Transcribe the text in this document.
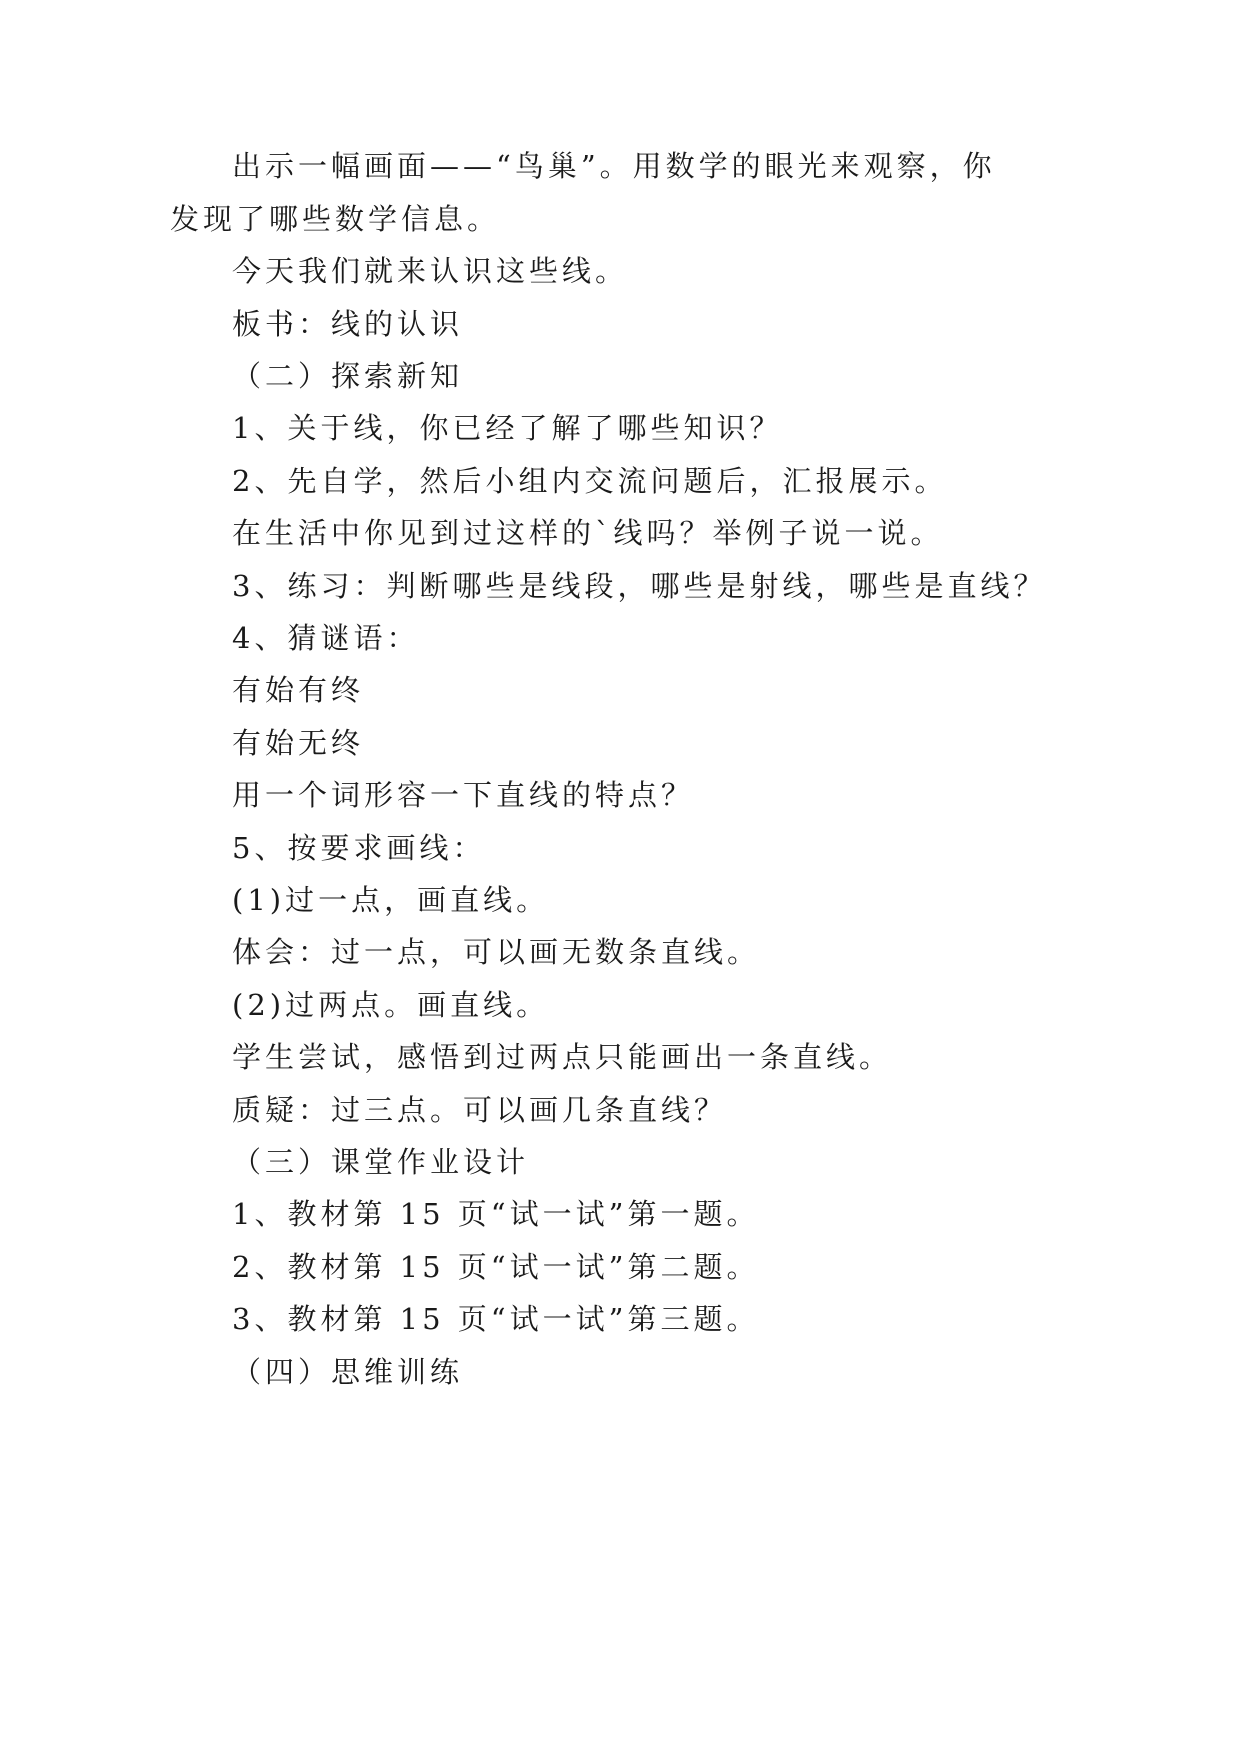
出示一幅画面——“鸟巢”。用数学的眼光来观察，你
发现了哪些数学信息。
今天我们就来认识这些线。
板书：线的认识
（二）探索新知
1、关于线，你已经了解了哪些知识？
2、先自学，然后小组内交流问题后，汇报展示。
在生活中你见到过这样的`线吗？举例子说一说。
3、练习：判断哪些是线段，哪些是射线，哪些是直线？
4、猜谜语：
有始有终
有始无终
用一个词形容一下直线的特点？
5、按要求画线：
(1)过一点，画直线。
体会：过一点，可以画无数条直线。
(2)过两点。画直线。
学生尝试，感悟到过两点只能画出一条直线。
质疑：过三点。可以画几条直线？
（三）课堂作业设计
1、教材第 15 页“试一试”第一题。
2、教材第 15 页“试一试”第二题。
3、教材第 15 页“试一试”第三题。
（四）思维训练
